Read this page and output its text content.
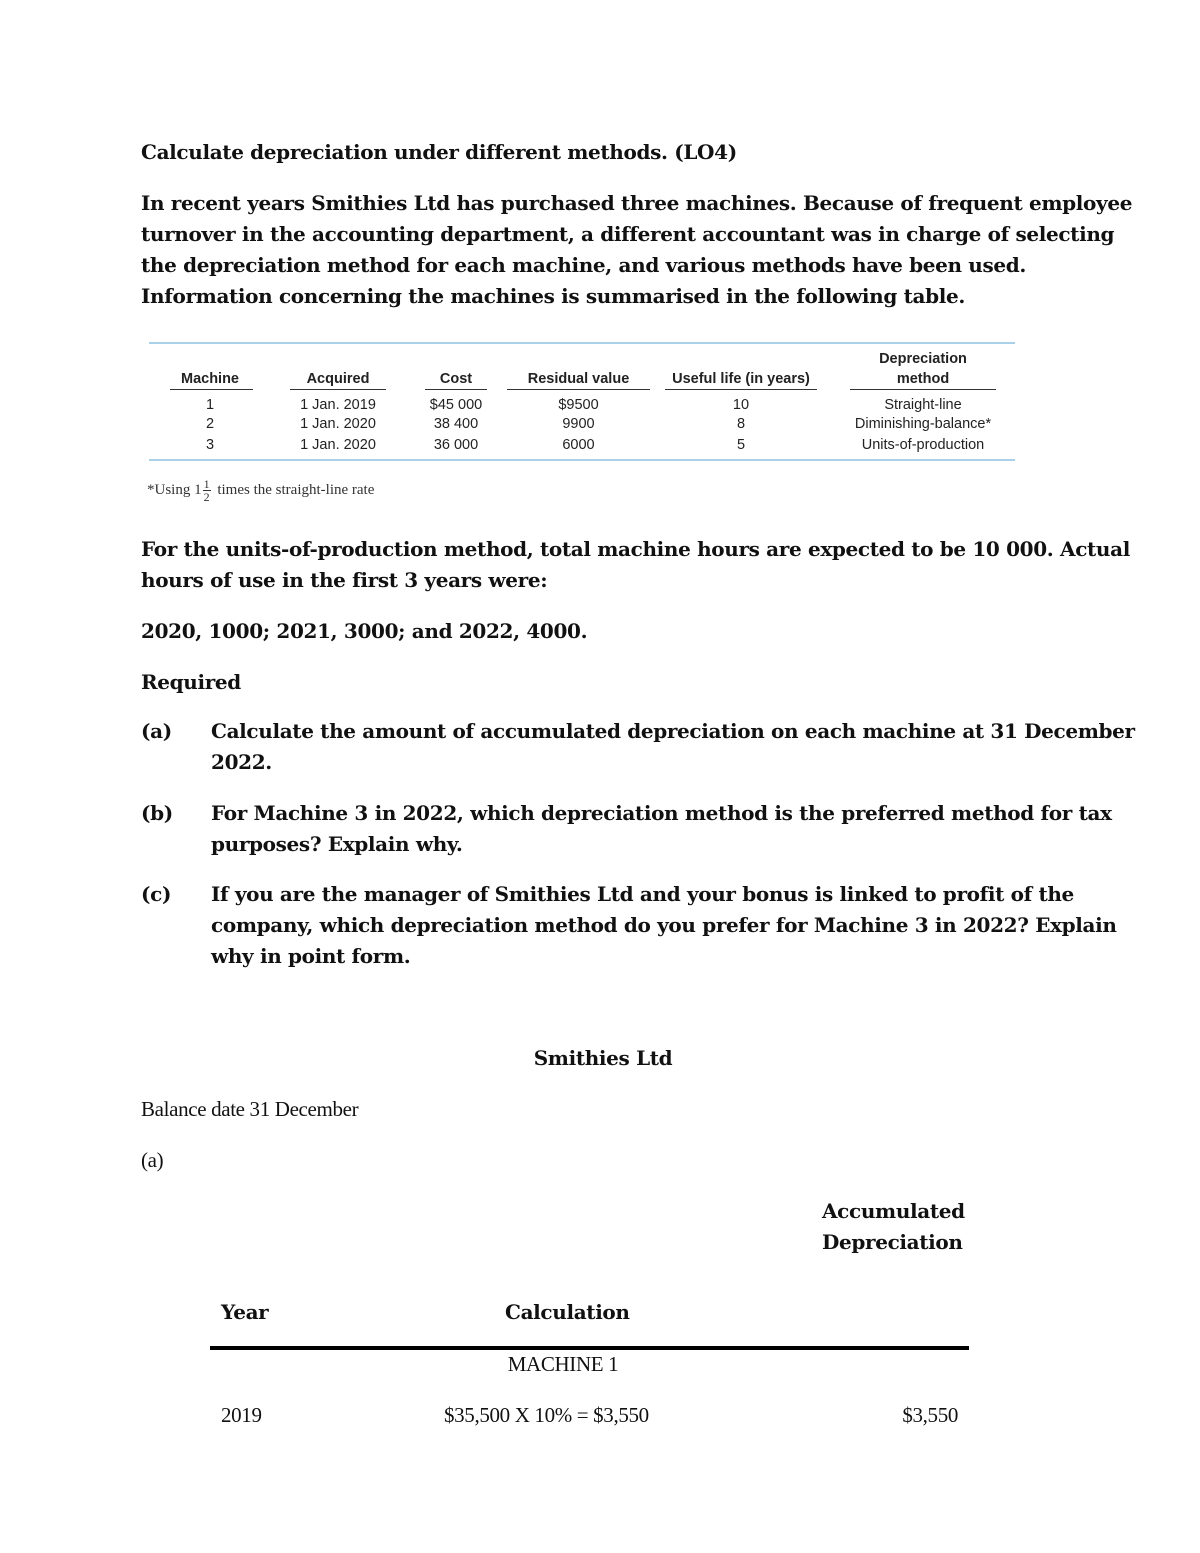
Calculate depreciation under different methods. (LO4)
In recent years Smithies Ltd has purchased three machines. Because of frequent employee
turnover in the accounting department, a different accountant was in charge of selecting
the depreciation method for each machine, and various methods have been used.
Information concerning the machines is summarised in the following table.
Machine	Acquired	Cost	Residual value	Useful life (in years)
Depreciation
method
1	1 Jan. 2019	$45 000	$9500	10	Straight-line
2	1 Jan. 2020	38 400	9900	8	Diminishing-balance*
3	1 Jan. 2020	36 000	6000	5	Units-of-production
*Using $1 \frac{1}{2}$ times the straight-line rate
For the units-of-production method, total machine hours are expected to be 10 000. Actual
hours of use in the first 3 years were:
2020, 1000; 2021, 3000; and 2022, 4000.
Required
(a) Calculate the amount of accumulated depreciation on each machine at 31 December
2022.
(b) For Machine 3 in 2022, which depreciation method is the preferred method for tax
purposes? Explain why.
(c) If you are the manager of Smithies Ltd and your bonus is linked to profit of the
company, which depreciation method do you prefer for Machine 3 in 2022? Explain
why in point form.
Smithies Ltd
Balance date 31 December
(a)
Accumulated
Depreciation
Year	Calculation
MACHINE 1
2019	$35,500 X 10% = $3,550	$3,550
